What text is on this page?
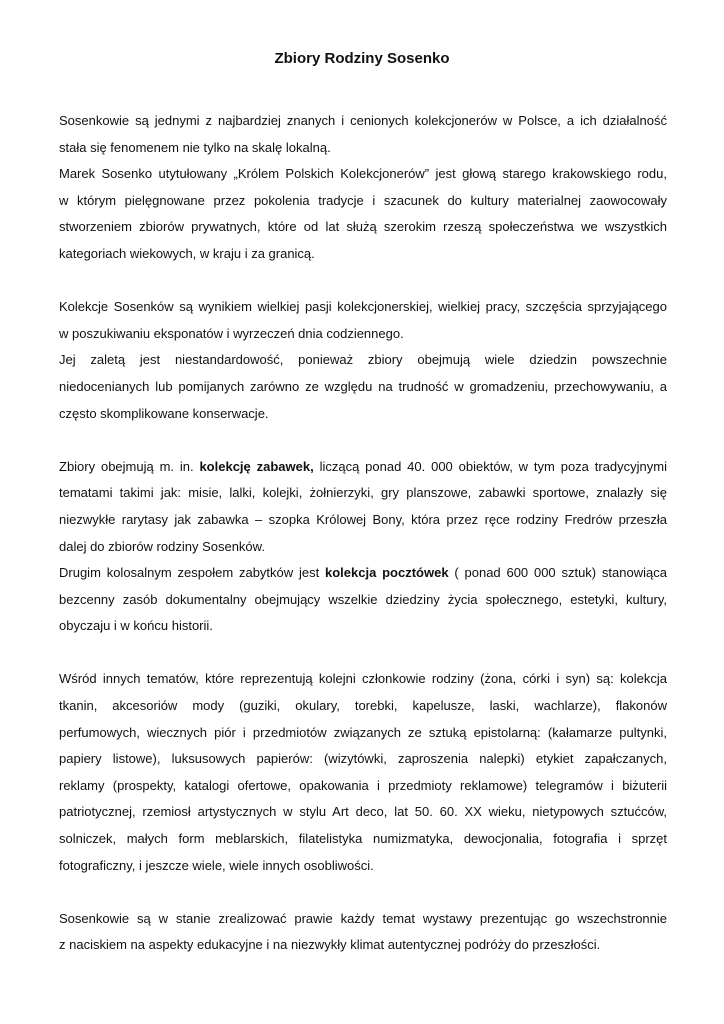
Zbiory Rodziny Sosenko
Sosenkowie są jednymi z najbardziej znanych i cenionych kolekcjonerów w Polsce, a ich działalność
stała się fenomenem nie tylko na skalę lokalną.
Marek Sosenko utytułowany „Królem Polskich Kolekcjonerów” jest głową starego krakowskiego rodu,
w którym pielęgnowane przez pokolenia tradycje i szacunek do kultury materialnej zaowocowały
stworzeniem zbiorów prywatnych, które od lat służą szerokim rzeszą społeczeństwa we wszystkich
kategoriach wiekowych, w kraju i za granicą.
Kolekcje Sosenków są wynikiem wielkiej pasji kolekcjonerskiej, wielkiej pracy, szczęścia sprzyjającego
w poszukiwaniu eksponatów i wyrzeczeń dnia codziennego.
Jej zaletą jest niestandardowość, ponieważ zbiory obejmują wiele dziedzin powszechnie
niedocenianych lub pomijanych zarówno ze względu na trudność w gromadzeniu, przechowywaniu, a
często skomplikowane konserwacje.
Zbiory obejmują m. in. kolekcję zabawek, liczącą ponad 40. 000 obiektów, w tym poza tradycyjnymi
tematami takimi jak: misie, lalki, kolejki, żołnierzyki, gry planszowe, zabawki sportowe, znalazły się
niezwykłe rarytasy jak zabawka – szopka Królowej Bony, która przez ręce rodziny Fredrów przeszła
dalej do zbiorów rodziny Sosenków.
Drugim kolosalnym zespołem zabytków jest kolekcja pocztówek ( ponad 600 000 sztuk) stanowiąca
bezcenny zasób dokumentalny obejmujący wszelkie dziedziny życia społecznego, estetyki, kultury,
obyczaju i w końcu historii.
Wśród innych tematów, które reprezentują kolejni członkowie rodziny (żona, córki i syn) są: kolekcja
tkanin, akcesoriów mody (guziki, okulary, torebki, kapelusze, laski, wachlarze), flakonów
perfumowych, wiecznych piór i przedmiotów związanych ze sztuką epistolarną: (kałamarze pultynki,
papiery listowe), luksusowych papierów: (wizytówki, zaproszenia nalepki) etykiet zapałczanych,
reklamy (prospekty, katalogi ofertowe, opakowania i przedmioty reklamowe) telegramów i biżuterii
patriotycznej, rzemiosł artystycznych w stylu Art deco, lat 50. 60. XX wieku, nietypowych sztućców,
solniczek, małych form meblarskich, filatelistyka numizmatyka, dewocjonalia, fotografia i sprzęt
fotograficzny, i jeszcze wiele, wiele innych osobliwości.
Sosenkowie są w stanie zrealizować prawie każdy temat wystawy prezentując go wszechstronnie
z naciskiem na aspekty edukacyjne i na niezwykły klimat autentycznej podróży do przeszłości.
